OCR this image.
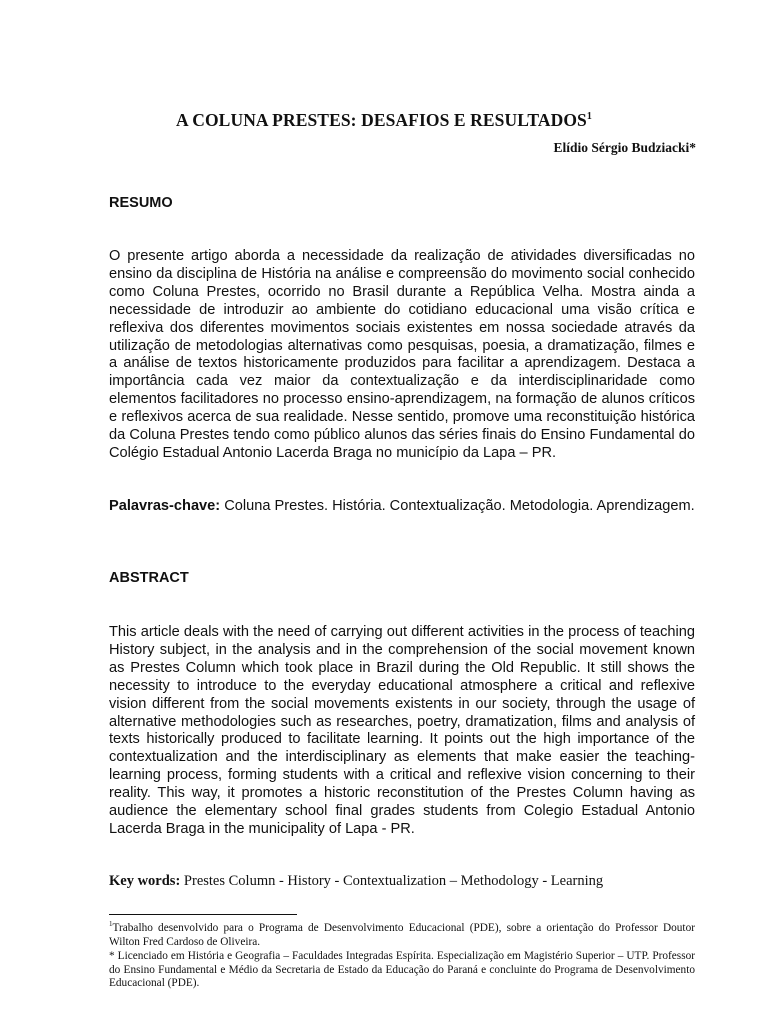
A COLUNA PRESTES: DESAFIOS E RESULTADOS$^1$
Elídio Sérgio Budziacki*
RESUMO

O presente artigo aborda a necessidade da realização de atividades diversificadas no ensino da disciplina de História na análise e compreensão do movimento social conhecido como Coluna Prestes, ocorrido no Brasil durante a República Velha. Mostra ainda a necessidade de introduzir ao ambiente do cotidiano educacional uma visão crítica e reflexiva dos diferentes movimentos sociais existentes em nossa sociedade através da utilização de metodologias alternativas como pesquisas, poesia, a dramatização, filmes e a análise de textos historicamente produzidos para facilitar a aprendizagem. Destaca a importância cada vez maior da contextualização e da interdisciplinaridade como elementos facilitadores no processo ensino-aprendizagem, na formação de alunos críticos e reflexivos acerca de sua realidade. Nesse sentido, promove uma reconstituição histórica da Coluna Prestes tendo como público alunos das séries finais do Ensino Fundamental do Colégio Estadual Antonio Lacerda Braga no município da Lapa – PR.

Palavras-chave: Coluna Prestes. História. Contextualização. Metodologia. Aprendizagem.

ABSTRACT

This article deals with the need of carrying out different activities in the process of teaching History subject, in the analysis and in the comprehension of the social movement known as Prestes Column which took place in Brazil during the Old Republic. It still shows the necessity to introduce to the everyday educational atmosphere a critical and reflexive vision different from the social movements existents in our society, through the usage of alternative methodologies such as researches, poetry, dramatization, films and analysis of texts historically produced to facilitate learning. It points out the high importance of the contextualization and the interdisciplinary as elements that make easier the teaching-learning process, forming students with a critical and reflexive vision concerning to their reality. This way, it promotes a historic reconstitution of the Prestes Column having as audience the elementary school final grades students from Colegio Estadual Antonio Lacerda Braga in the municipality of Lapa - PR.

Key words: Prestes Column - History - Contextualization – Methodology - Learning

$^1$Trabalho desenvolvido para o Programa de Desenvolvimento Educacional (PDE), sobre a orientação do Professor Doutor Wilton Fred Cardoso de Oliveira.

* Licenciado em História e Geografia – Faculdades Integradas Espírita. Especialização em Magistério Superior – UTP. Professor do Ensino Fundamental e Médio da Secretaria de Estado da Educação do Paraná e concluinte do Programa de Desenvolvimento Educacional (PDE).
